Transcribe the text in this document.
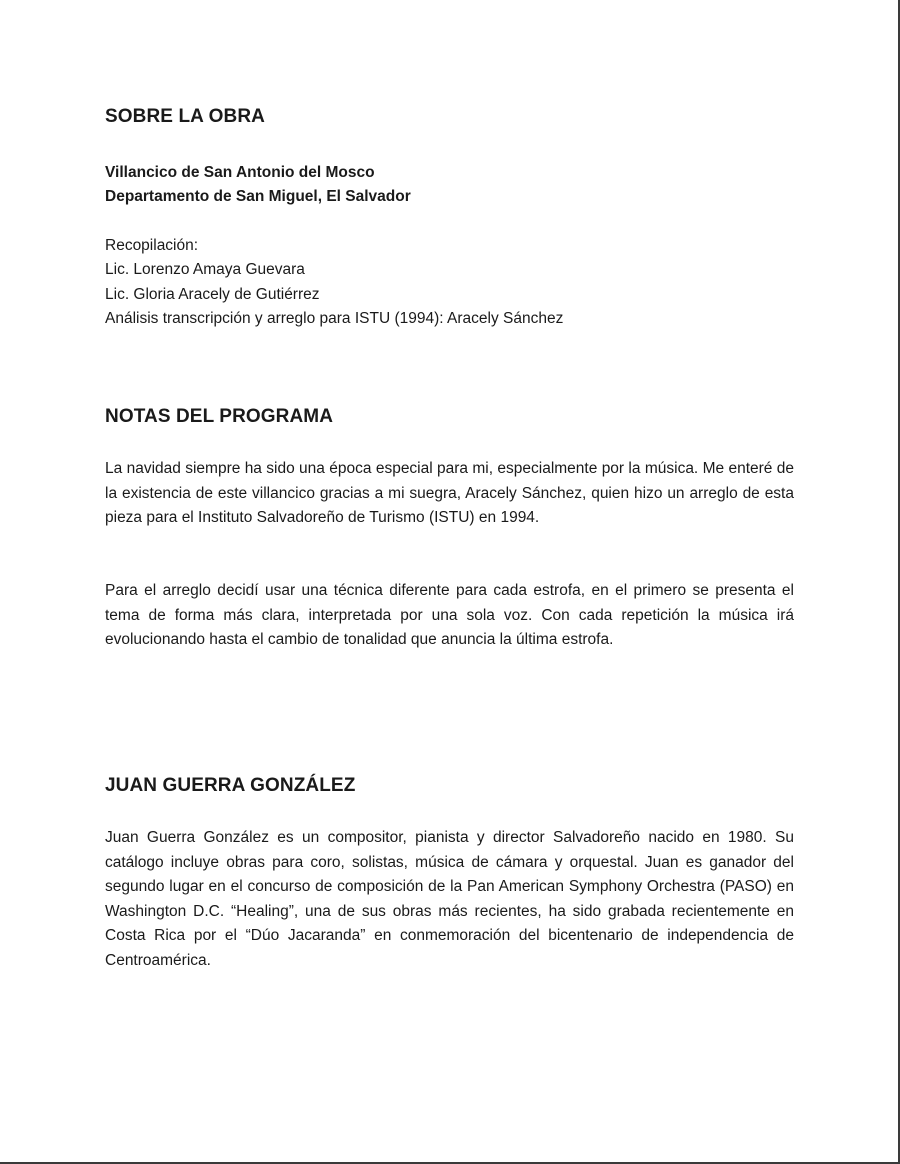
SOBRE LA OBRA

Villancico de San Antonio del Mosco

Departamento de San Miguel, El Salvador

Recopilación:

Lic. Lorenzo Amaya Guevara

Lic. Gloria Aracely de Gutiérrez

Análisis transcripción y arreglo para ISTU (1994): Aracely Sánchez

NOTAS DEL PROGRAMA

La navidad siempre ha sido una época especial para mi, especialmente por la música. Me enteré de la existencia de este villancico gracias a mi suegra, Aracely Sánchez, quien hizo un arreglo de esta pieza para el Instituto Salvadoreño de Turismo (ISTU) en 1994.

Para el arreglo decidí usar una técnica diferente para cada estrofa, en el primero se presenta el tema de forma más clara, interpretada por una sola voz. Con cada repetición la música irá evolucionando hasta el cambio de tonalidad que anuncia la última estrofa.

JUAN GUERRA GONZÁLEZ

Juan Guerra González es un compositor, pianista y director Salvadoreño nacido en 1980. Su catálogo incluye obras para coro, solistas, música de cámara y orquestal. Juan es ganador del segundo lugar en el concurso de composición de la Pan American Symphony Orchestra (PASO) en Washington D.C. “Healing”, una de sus obras más recientes, ha sido grabada recientemente en Costa Rica por el “Dúo Jacaranda” en conmemoración del bicentenario de independencia de Centroamérica.
